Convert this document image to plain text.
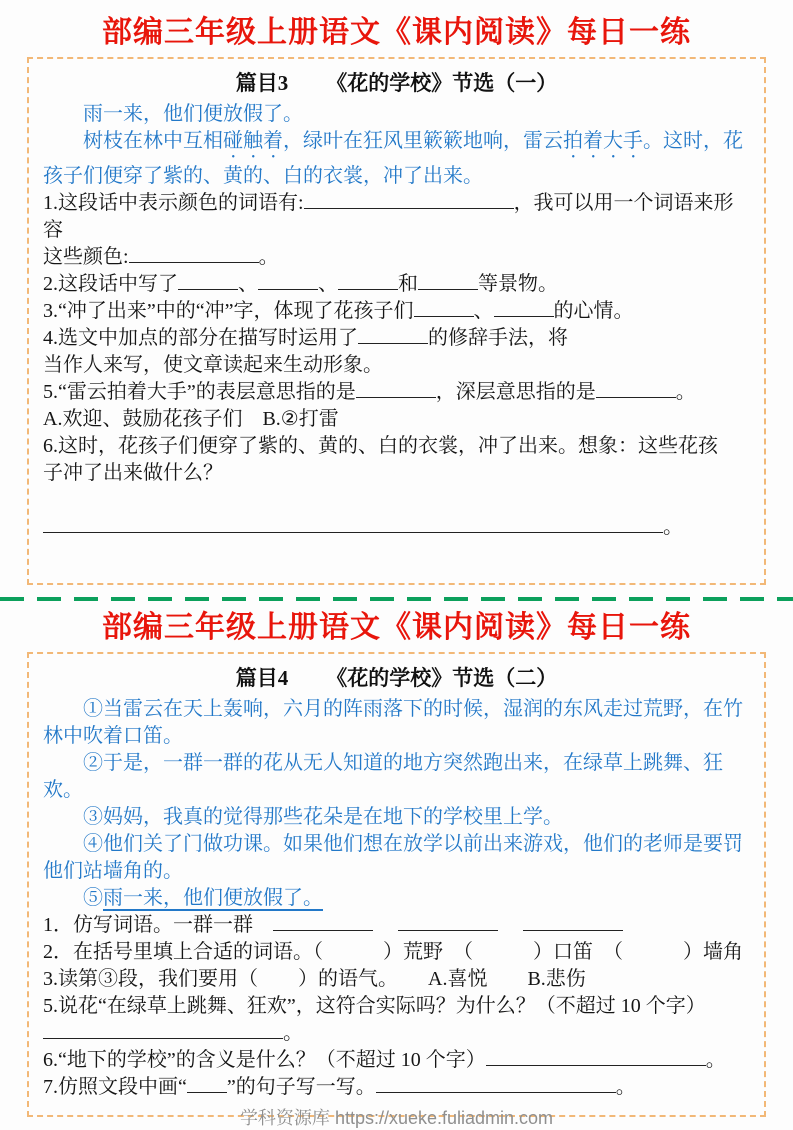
部编三年级上册语文《课内阅读》每日一练
篇目3 《花的学校》节选（一）

雨一来，他们便放假了。

树枝在林中互相碰触着，绿叶在狂风里簌簌地响，雷云拍着大手。这时，花孩子们便穿了紫的、黄的、白的衣裳，冲了出来。

1.这段话中表示颜色的词语有:	，我可以用一个词语来形容
这些颜色:	。
2.这段话中写了	、	、	和	等景物。
3.“冲了出来”中的“冲”字，体现了花孩子们	、	的心情。
4.选文中加点的部分在描写时运用了	的修辞手法，将
当作人来写，使文章读起来生动形象。
5.“雷云拍着大手”的表层意思指的是	，深层意思指的是	。
A.欢迎、鼓励花孩子们　B.②打雷
6.这时，花孩子们便穿了紫的、黄的、白的衣裳，冲了出来。想象：这些花孩
子冲了出来做什么？

。
部编三年级上册语文《课内阅读》每日一练
篇目4 《花的学校》节选（二）

①当雷云在天上轰响，六月的阵雨落下的时候，湿润的东风走过荒野，在竹林中吹着口笛。

②于是，一群一群的花从无人知道的地方突然跑出来，在绿草上跳舞、狂欢。

③妈妈，我真的觉得那些花朵是在地下的学校里上学。

④他们关了门做功课。如果他们想在放学以前出来游戏，他们的老师是要罚他们站墙角的。

⑤雨一来，他们便放假了。

1．仿写词语。一群一群　 　 　
2．在括号里填上合适的词语。（　　　）荒野　（　　　）口笛　（　　　）墙角
3.读第③段，我们要用（　　）的语气。　　A.喜悦　　B.悲伤
5.说花“在绿草上跳舞、狂欢”，这符合实际吗？为什么？（不超过 10 个字）
。
6.“地下的学校”的含义是什么？（不超过 10 个字）	。
7.仿照文段中画“ ”的句子写一写。	。
学科资源库 https://xueke.fuliadmin.com
